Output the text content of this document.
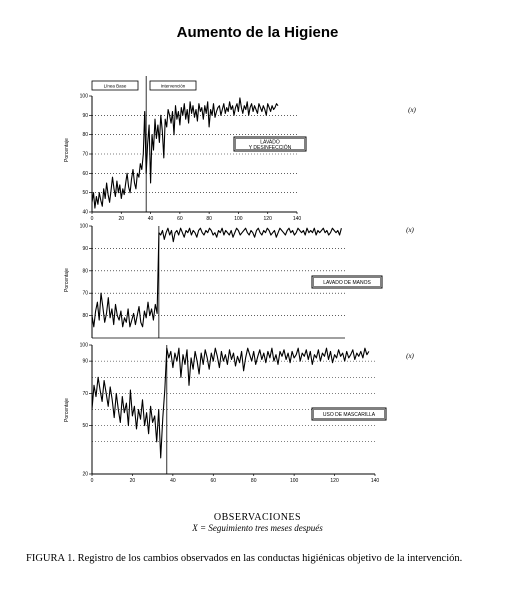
Aumento de la Higiene
40
50
60
70
80
90
100
Porcentaje
0	20	40	60	80	100	120	140
LAVADO
Y DESINFECCIÓN
(x)
Línea Base	Intervención
80
70
80
90
100
Porcentaje	LAVADO DE MANOS
(x)
20
50
70
90
100
Porcentaje
0	20	40	60	80	100	120	140
USO DE MASCARILLA
(x)
OBSERVACIONES
X = Seguimiento tres meses después
FIGURA 1. Registro de los cambios observados en las conductas higiénicas objetivo de la intervención.
